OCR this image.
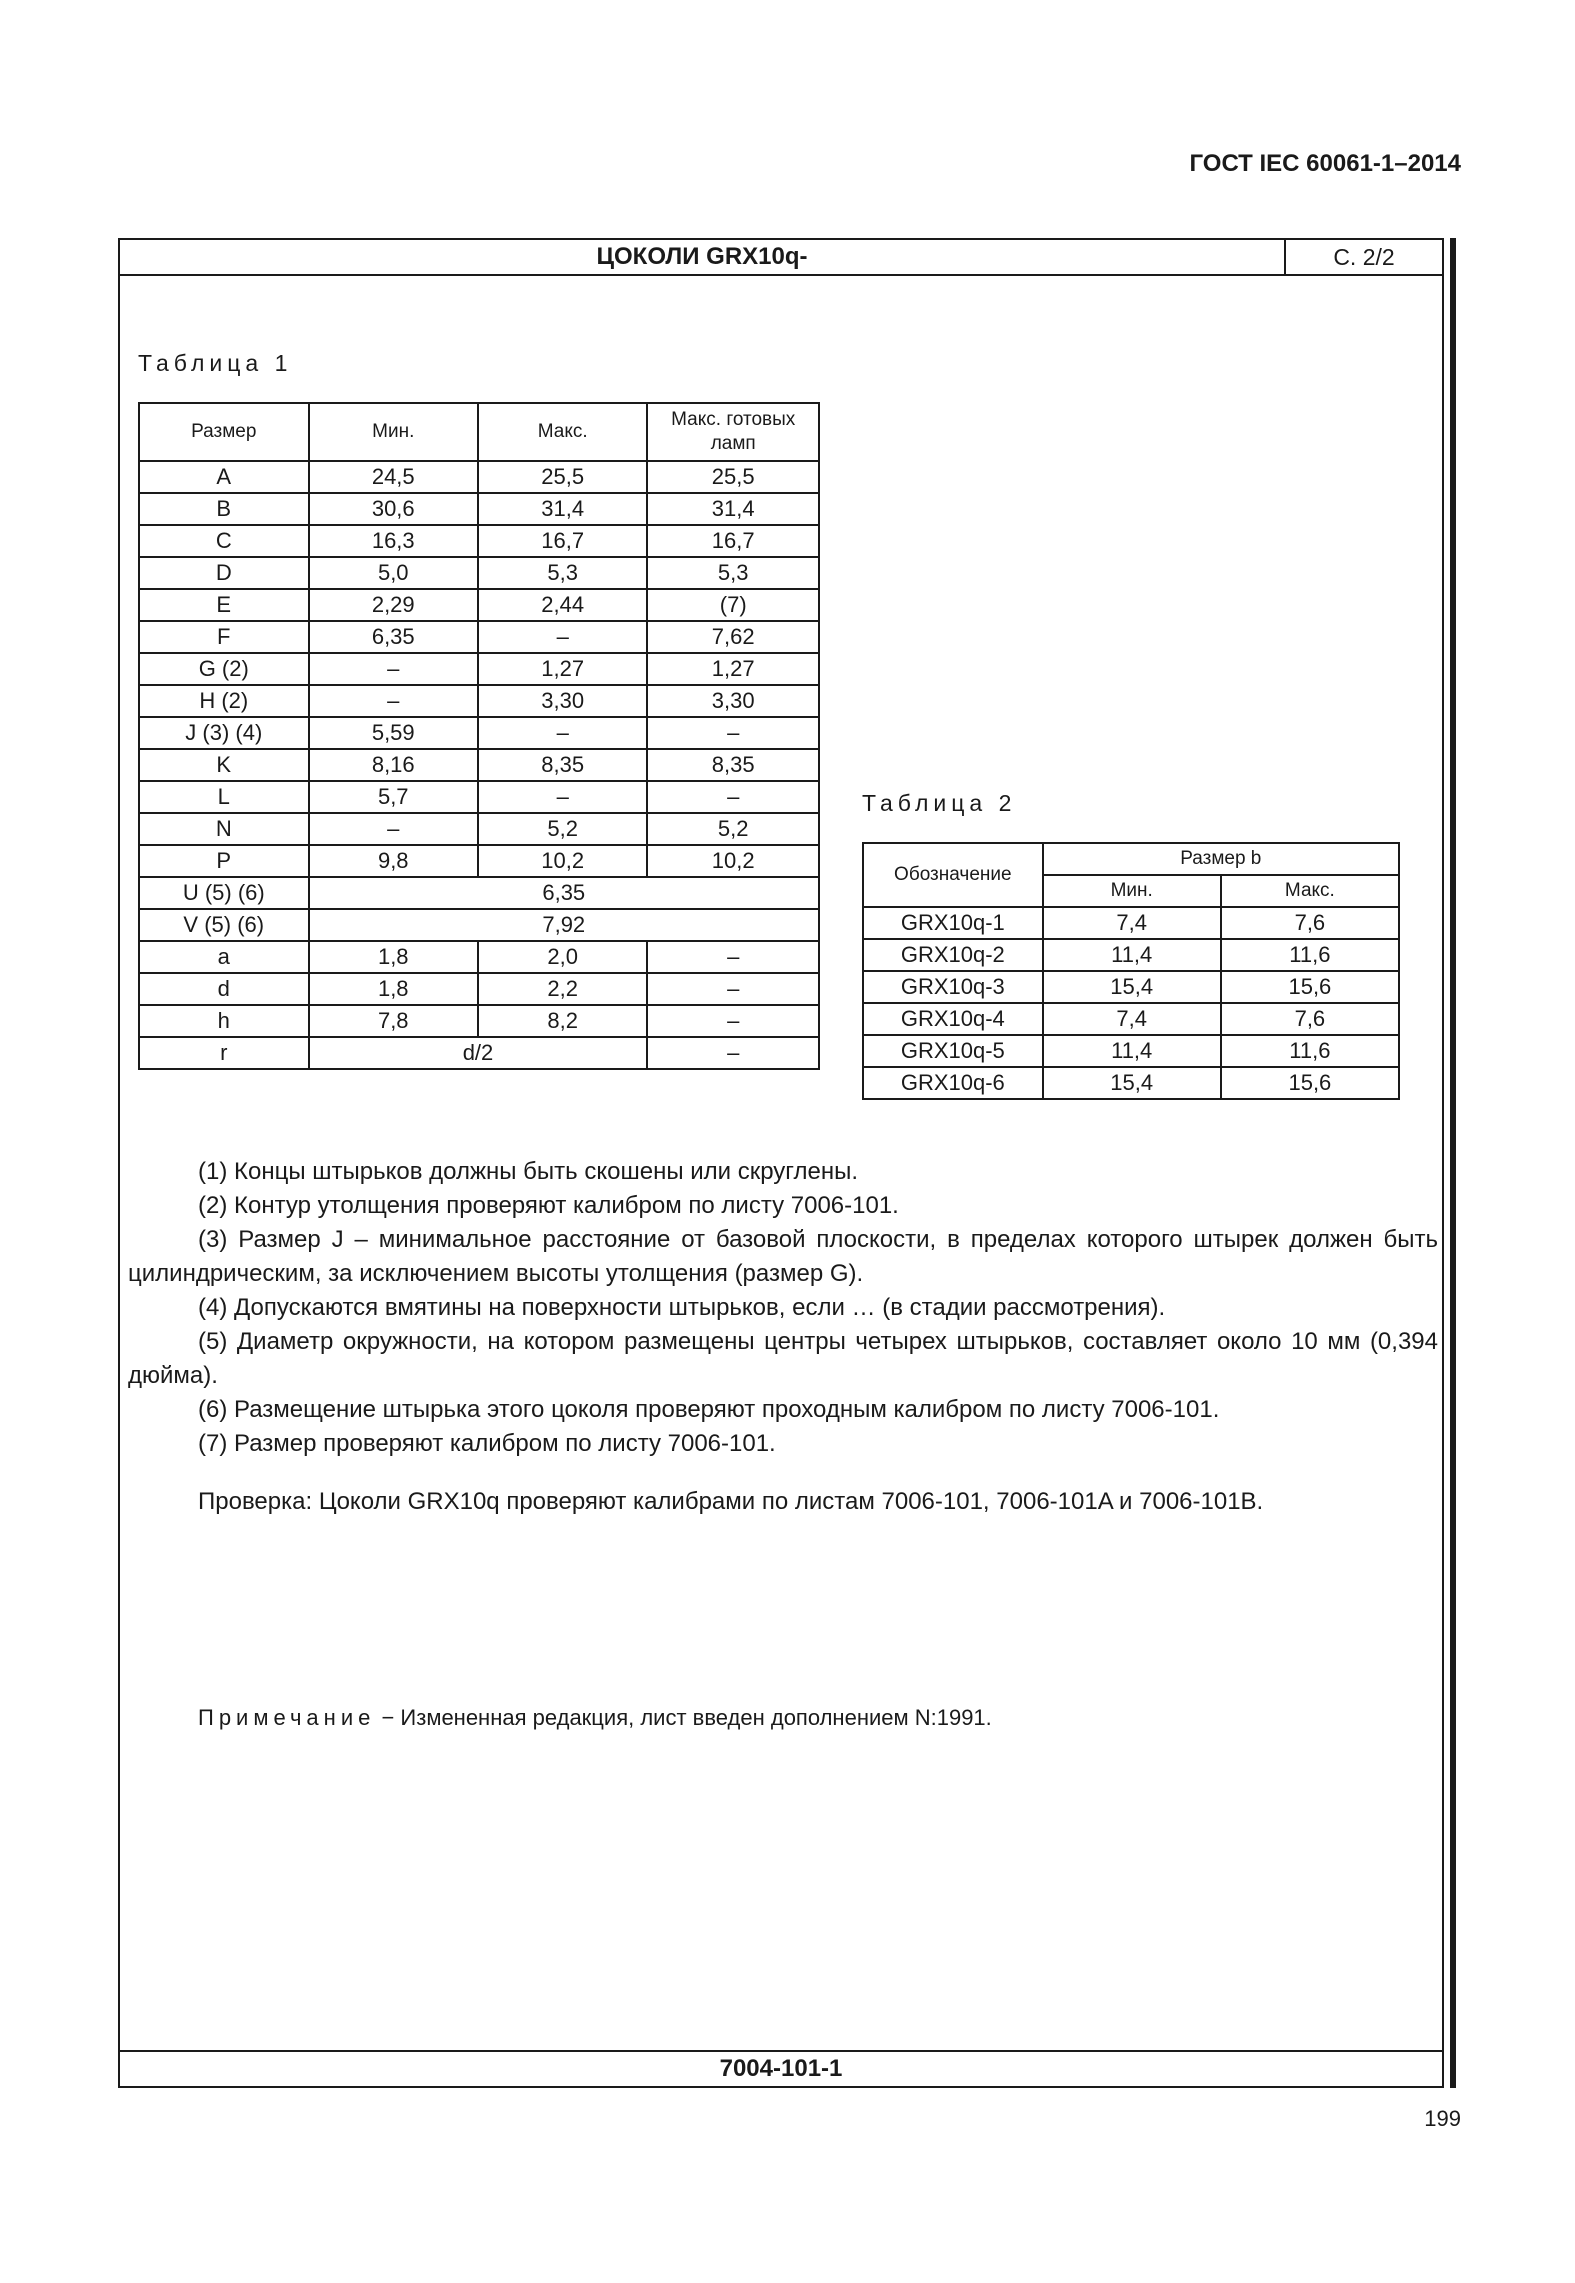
ГОСТ IEC 60061-1–2014
ЦОКОЛИ GRX10q-	С. 2/2
7004-101-1
Таблица 1
Размер	Мин.	Макс.	Макс. готовых ламп
A	24,5	25,5	25,5
B	30,6	31,4	31,4
C	16,3	16,7	16,7
D	5,0	5,3	5,3
E	2,29	2,44	(7)
F	6,35	–	7,62
G (2)	–	1,27	1,27
H (2)	–	3,30	3,30
J (3) (4)	5,59	–	–
K	8,16	8,35	8,35
L	5,7	–	–
N	–	5,2	5,2
P	9,8	10,2	10,2
U (5) (6)	6,35		
V (5) (6)	7,92		
a	1,8	2,0	–
d	1,8	2,2	–
h	7,8	8,2	–
r	d/2		–
Таблица 2
Обозначение	Размер b	
	Мин.	Макс.
GRX10q-1	7,4	7,6
GRX10q-2	11,4	11,6
GRX10q-3	15,4	15,6
GRX10q-4	7,4	7,6
GRX10q-5	11,4	11,6
GRX10q-6	15,4	15,6

(1) Концы штырьков должны быть скошены или скруглены.

(2) Контур утолщения проверяют калибром по листу 7006-101.

(3) Размер J – минимальное расстояние от базовой плоскости, в пределах которого штырек должен быть цилиндрическим, за исключением высоты утолщения (размер G).

(4) Допускаются вмятины на поверхности штырьков, если … (в стадии рассмотрения).

(5) Диаметр окружности, на котором размещены центры четырех штырьков, составляет около 10 мм (0,394 дюйма).

(6) Размещение штырька этого цоколя проверяют проходным калибром по листу 7006-101.

(7) Размер проверяют калибром по листу 7006-101.

Проверка: Цоколи GRX10q проверяют калибрами по листам 7006-101, 7006-101A и 7006-101B.
Примечание − Измененная редакция, лист введен дополнением N:1991.
199
